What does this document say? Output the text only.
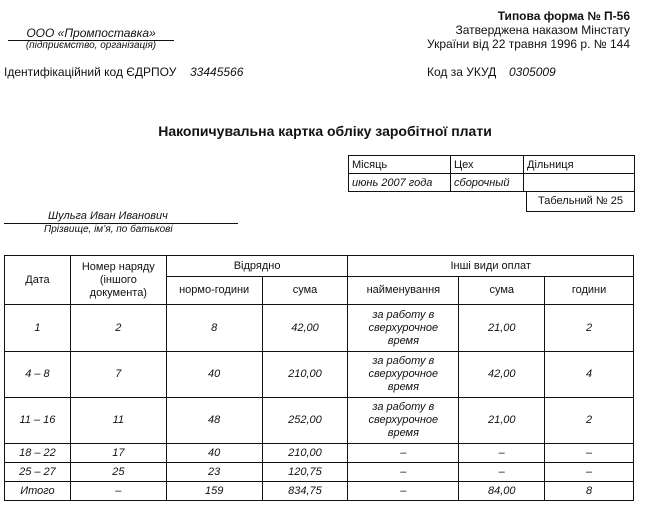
ООО «Промпоставка»
(підприємство, організація)
Типова форма № П-56
Затверджена наказом Мінстату
України від 22 травня 1996 р. № 144
Ідентифікаційний код ЄДРПОУ 33445566	Код за УКУД 0305009
Накопичувальна картка обліку заробітної плати
Місяць	Цех	Дільниця
июнь 2007 года	сборочный	
Табельний № 25
Шульга Иван Иванович
Прізвище, ім’я, по батькові
Дата	Номер наряду (іншого документа)	Відрядно		Інші види оплат		
		нормо-години	сума	найменування	сума	години
1	2	8	42,00	за работу в сверхурочное время	21,00	2
4 – 8	7	40	210,00	за работу в сверхурочное время	42,00	4
11 – 16	11	48	252,00	за работу в сверхурочное время	21,00	2
18 – 22	17	40	210,00	–	–	–
25 – 27	25	23	120,75	–	–	–
Итого	–	159	834,75	–	84,00	8
